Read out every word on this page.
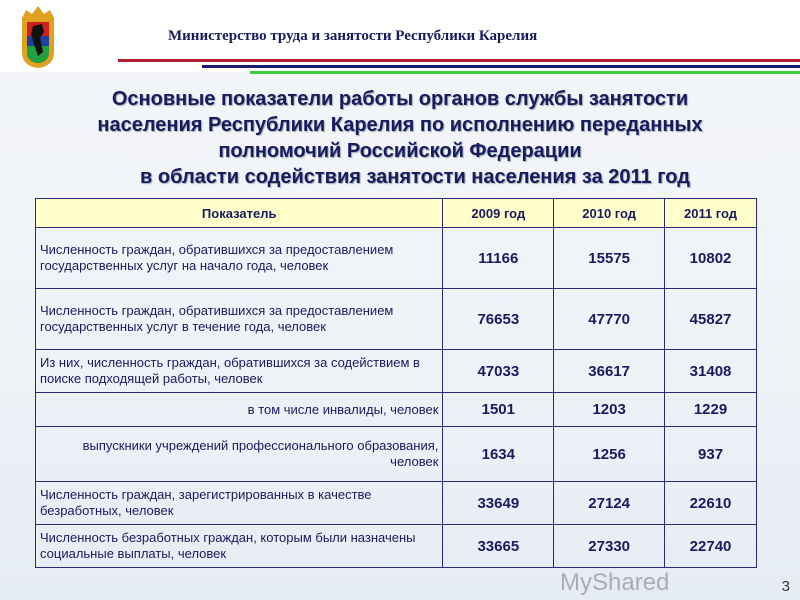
Министерство труда и занятости Республики Карелия
Основные показатели работы органов службы занятости
населения Республики Карелия по исполнению переданных
полномочий Российской Федерации
в области содействия занятости населения за 2011 год
Показатель	2009 год	2010 год	2011 год
Численность граждан, обратившихся за предоставлением государственных услуг на начало года, человек	11166	15575	10802
Численность граждан, обратившихся за предоставлением государственных услуг в течение года, человек	76653	47770	45827
Из них, численность граждан, обратившихся за содействием в поиске подходящей работы, человек	47033	36617	31408
в том числе инвалиды, человек	1501	1203	1229
выпускники учреждений профессионального образования, человек	1634	1256	937
Численность граждан, зарегистрированных в качестве безработных, человек	33649	27124	22610
Численность безработных граждан, которым были назначены социальные выплаты, человек	33665	27330	22740
MyShared	3
